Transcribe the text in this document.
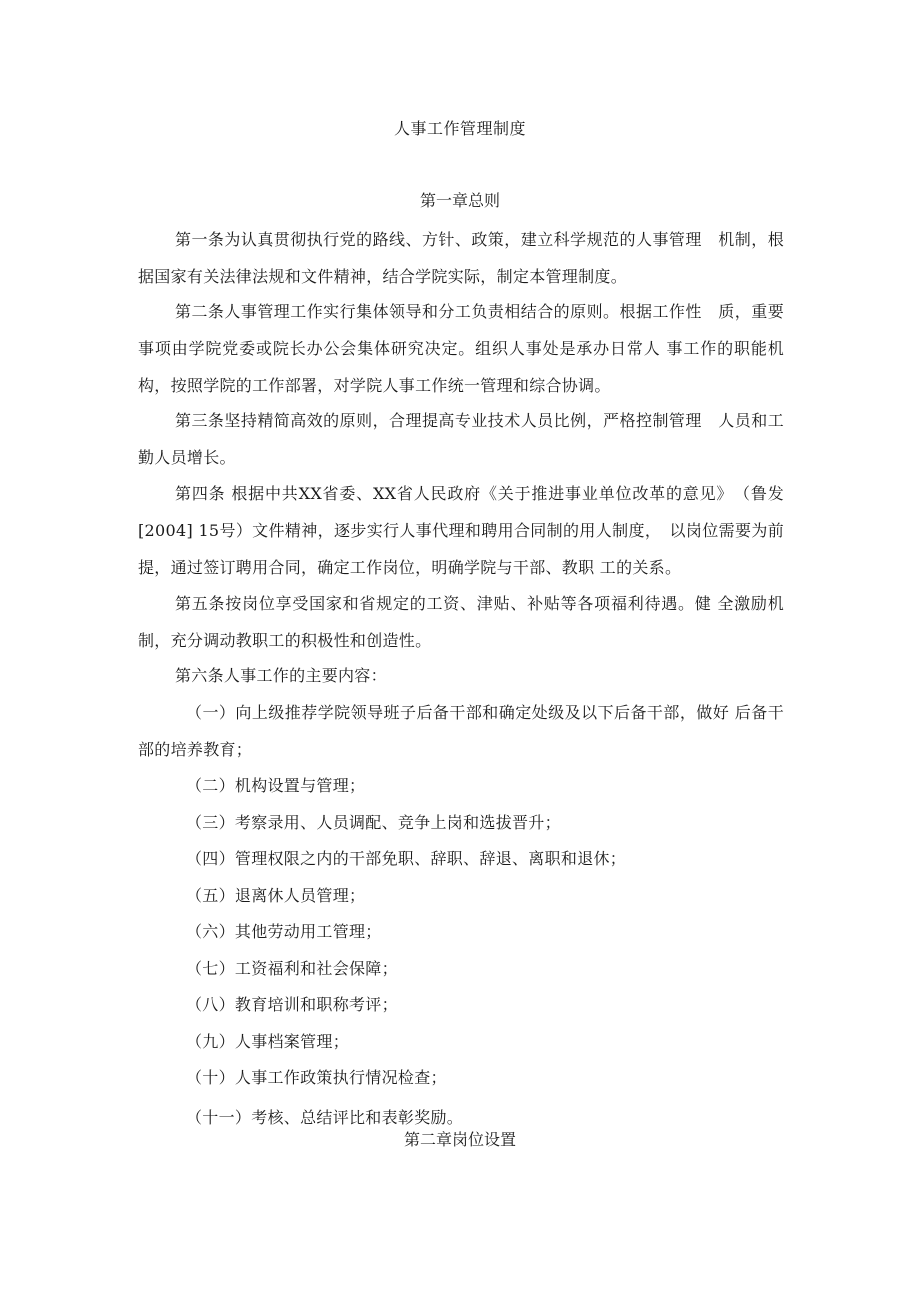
人事工作管理制度
第一章总则
第一条为认真贯彻执行党的路线、方针、政策，建立科学规范的人事管理　机制，根据国家有关法律法规和文件精神，结合学院实际，制定本管理制度。
第二条人事管理工作实行集体领导和分工负责相结合的原则。根据工作性　质，重要事项由学院党委或院长办公会集体研究决定。组织人事处是承办日常人 事工作的职能机构，按照学院的工作部署，对学院人事工作统一管理和综合协调。
第三条坚持精简高效的原则，合理提高专业技术人员比例，严格控制管理　人员和工勤人员增长。
第四条 根据中共XX省委、XX省人民政府《关于推进事业单位改革的意见》　（鲁发[2004] 15号）文件精神，逐步实行人事代理和聘用合同制的用人制度，　以岗位需要为前提，通过签订聘用合同，确定工作岗位，明确学院与干部、教职 工的关系。
第五条按岗位享受国家和省规定的工资、津贴、补贴等各项福利待遇。健 全激励机制，充分调动教职工的积极性和创造性。
第六条人事工作的主要内容：
（一）向上级推荐学院领导班子后备干部和确定处级及以下后备干部，做好 后备干部的培养教育；
（二）机构设置与管理；
（三）考察录用、人员调配、竞争上岗和选拔晋升；
（四）管理权限之内的干部免职、辞职、辞退、离职和退休；
（五）退离休人员管理；
（六）其他劳动用工管理；
（七）工资福利和社会保障；
（八）教育培训和职称考评；
（九）人事档案管理；
（十）人事工作政策执行情况检查；
（十一）考核、总结评比和表彰奖励。
第二章岗位设置
